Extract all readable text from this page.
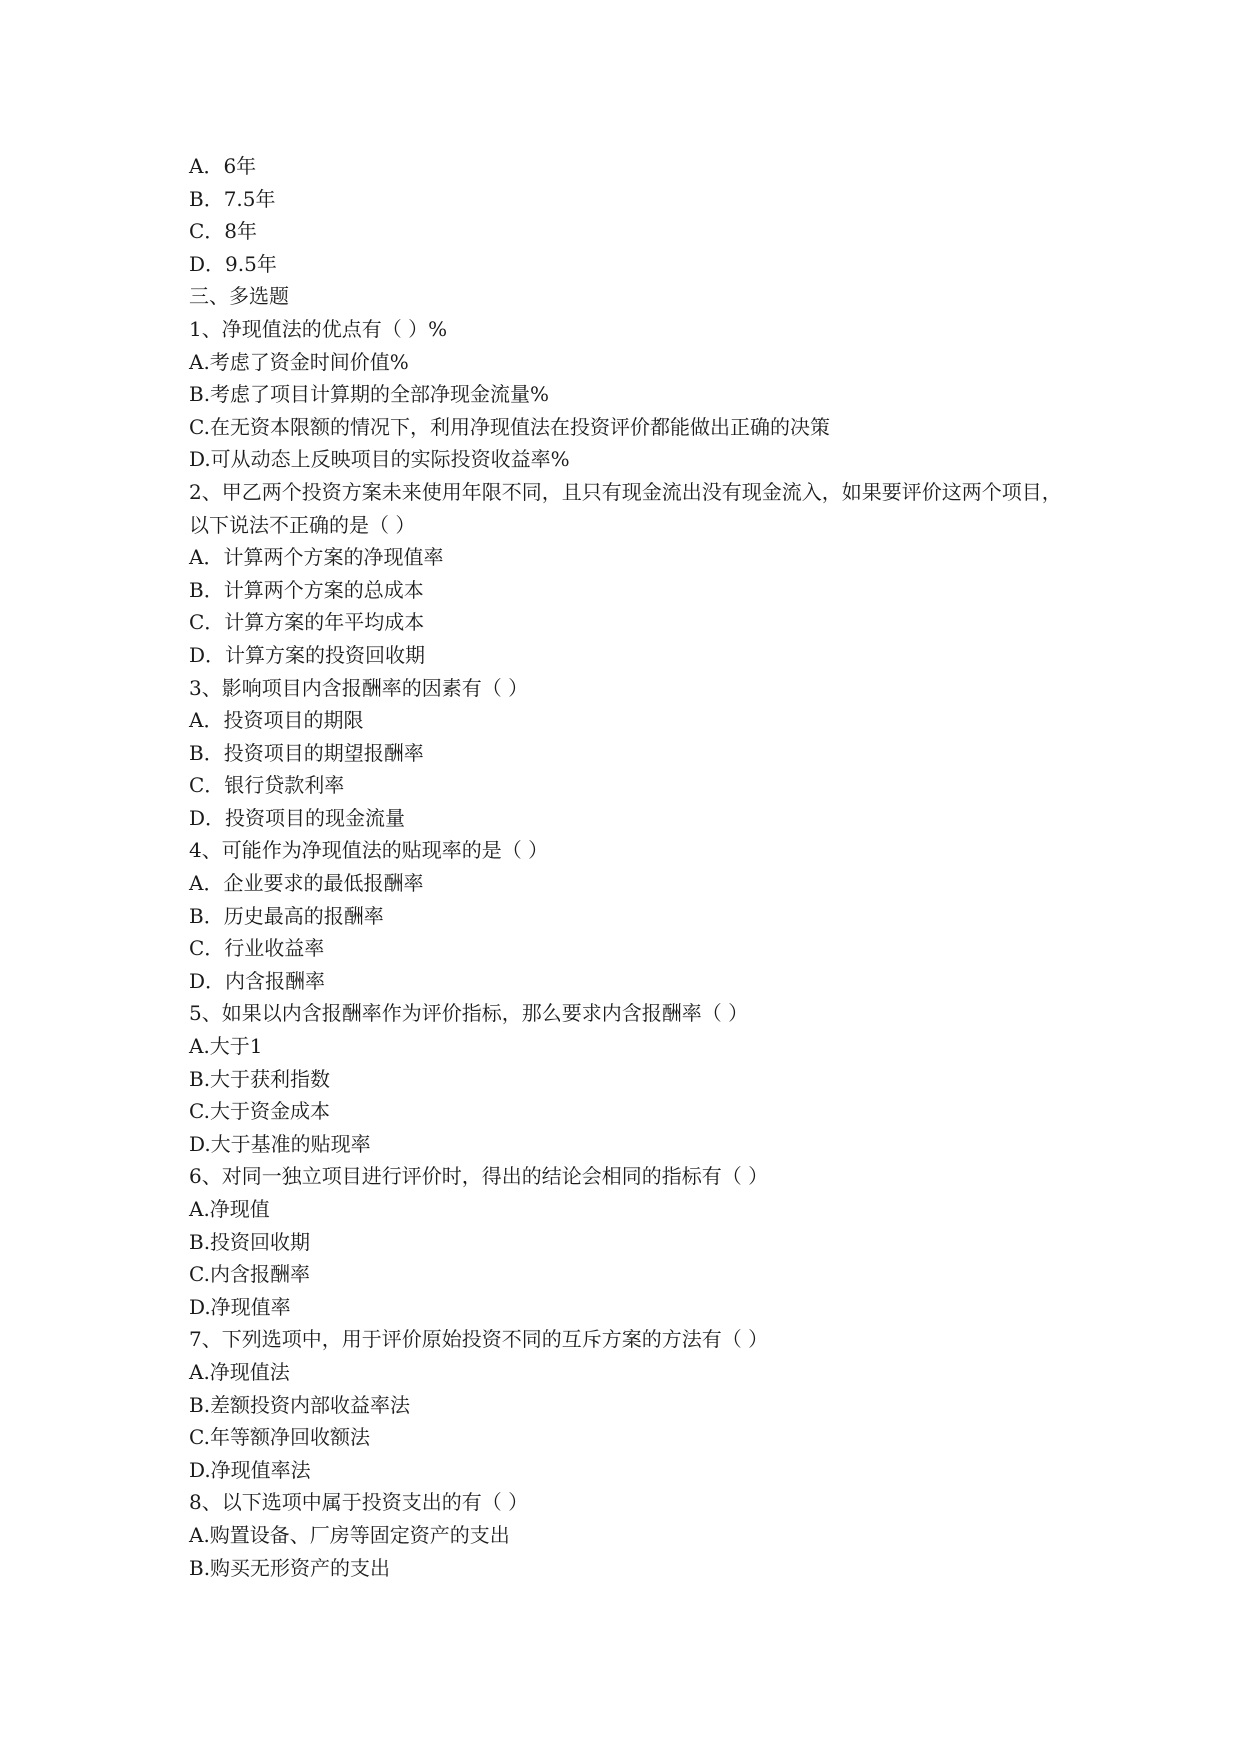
A．6年
B．7.5年
C．8年
D．9.5年
三、多选题
1、净现值法的优点有（ ）%
A.考虑了资金时间价值%
B.考虑了项目计算期的全部净现金流量%
C.在无资本限额的情况下，利用净现值法在投资评价都能做出正确的决策
D.可从动态上反映项目的实际投资收益率%
2、甲乙两个投资方案未来使用年限不同，且只有现金流出没有现金流入，如果要评价这两个项目，以下说法不正确的是（ ）
A．计算两个方案的净现值率
B．计算两个方案的总成本
C．计算方案的年平均成本
D．计算方案的投资回收期
3、影响项目内含报酬率的因素有（ ）
A．投资项目的期限
B．投资项目的期望报酬率
C．银行贷款利率
D．投资项目的现金流量
4、可能作为净现值法的贴现率的是（ ）
A．企业要求的最低报酬率
B．历史最高的报酬率
C．行业收益率
D．内含报酬率
5、如果以内含报酬率作为评价指标，那么要求内含报酬率（ ）
A.大于1
B.大于获利指数
C.大于资金成本
D.大于基准的贴现率
6、对同一独立项目进行评价时，得出的结论会相同的指标有（ ）
A.净现值
B.投资回收期
C.内含报酬率
D.净现值率
7、下列选项中，用于评价原始投资不同的互斥方案的方法有（ ）
A.净现值法
B.差额投资内部收益率法
C.年等额净回收额法
D.净现值率法
8、以下选项中属于投资支出的有（ ）
A.购置设备、厂房等固定资产的支出
B.购买无形资产的支出
